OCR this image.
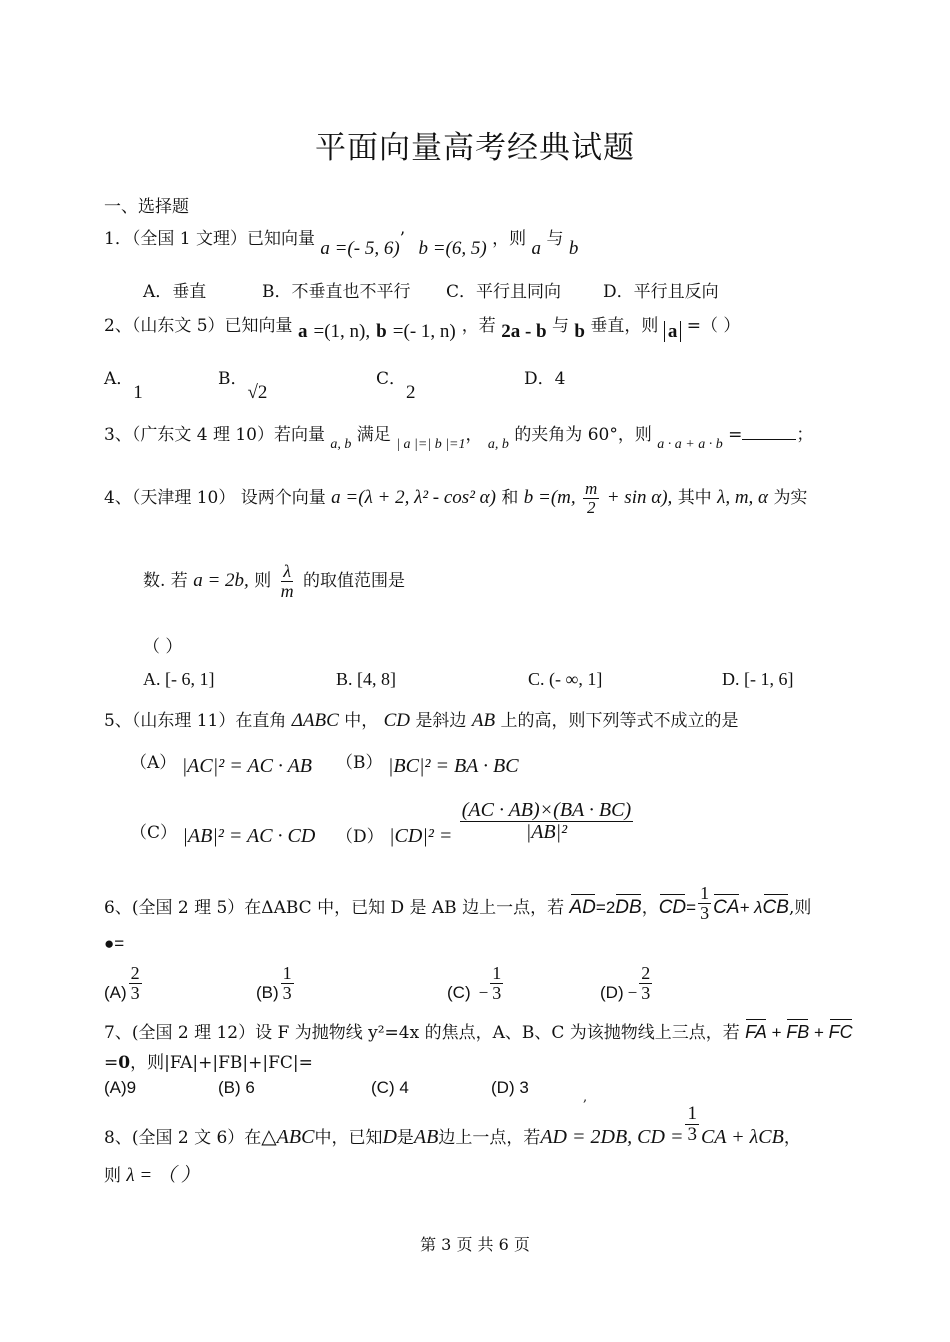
平面向量高考经典试题
一、选择题
1．（全国 1 文理）已知向量 a =(- 5, 6)’ b =(6, 5) ，则 a 与 b
A．垂直	B．不垂直也不平行 C．平行且同向 D．平行且反向
2、（山东文 5）已知向量 a =(1, n), b =(- 1, n) ，若 2a - b 与 b 垂直，则 a =（ ）
A．1
B．√2
C．2
D．4
3、（广东文 4 理 10）若向量 $_{a, b}$ 满足 $_{| a |=| b |=1}$， $_{a, b}$ 的夹角为 60°，则 $_{a \cdot a + a \cdot b}$ =	；
4、（天津理 10） 设两个向量 a =(λ + 2, λ² - cos² α) 和 b =(m, $\frac{m}{2} + \sin \alpha$), 其中 λ, m, α 为实
数. 若 a = 2b, 则 $\frac{\lambda}{m}$ 的取值范围是
（ ）
A. [- 6, 1]	B. [4, 8]	C. (- ∞, 1]	D. [- 1, 6]
5、（山东理 11）在直角 ΔABC 中， CD 是斜边 AB 上的高，则下列等式不成立的是
（A） |AC|² = AC · AB （B） |BC|² = BA · BC
（C） |AB|² = AC · CD （D） $|CD|^2 = \frac{(AC \cdot AB)\times(BA \cdot BC)}{\text{|AB|²}}$
6、(全国 2 理 5）在ΔABC 中，已知 D 是 AB 边上一点，若 AD=2DB，$CD= \frac{1}{3} CA+ \lambda CB$,则
●=
$(A) \frac{2}{3}$	$(B) \frac{1}{3}$	$(C) - \frac{1}{3}$	$(D) - \frac{2}{3}$
7、(全国 2 理 12）设 F 为抛物线 y²=4x 的焦点，A、B、C 为该抛物线上三点，若 FA + FB + FC
=0，则|FA|+|FB|+|FC|=
(A)9	(B) 6	(C) 4	(D) 3
,
8、(全国 2 文 6）在△ABC中，已知D是AB边上一点，若AD = 2DB, CD = $\frac{1}{3}$ CA + λCB，
则 λ = （ ）
第 3 页 共 6 页
